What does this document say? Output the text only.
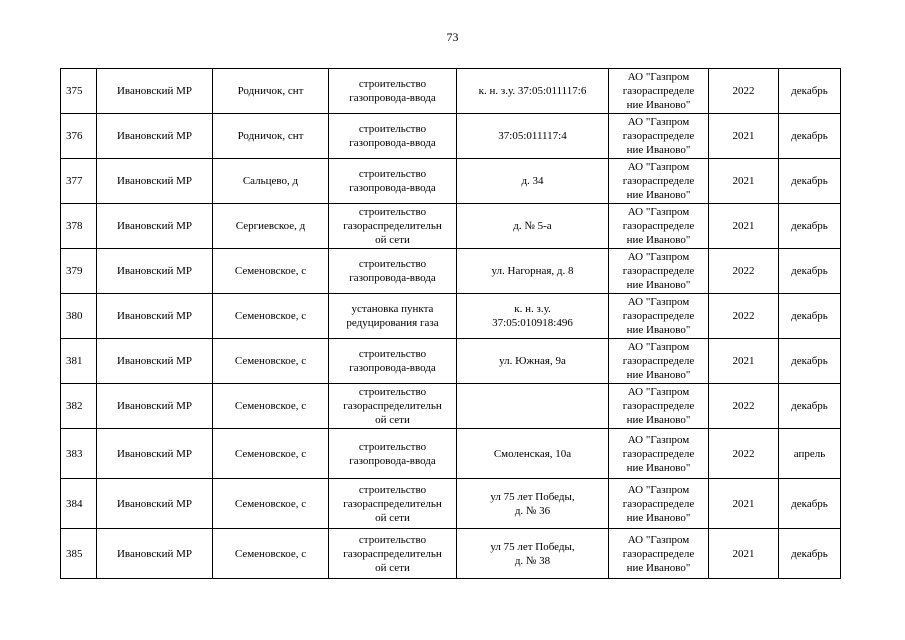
73
375	Ивановский МР	Родничок, снт	строительство
газопровода-ввода	к. н. з.у. 37:05:011117:6	АО "Газпром
газораспределе
ние Иваново"	2022	декабрь

376	Ивановский МР	Родничок, снт	строительство
газопровода-ввода	37:05:011117:4	АО "Газпром
газораспределе
ние Иваново"	2021	декабрь

377	Ивановский МР	Сальцево, д	строительство
газопровода-ввода	д. 34	АО "Газпром
газораспределе
ние Иваново"	2021	декабрь

378	Ивановский МР	Сергиевское, д	строительство
газораспределительн
ой сети	д. № 5-а	АО "Газпром
газораспределе
ние Иваново"	2021	декабрь

379	Ивановский МР	Семеновское, с	строительство
газопровода-ввода	ул. Нагорная, д. 8	АО "Газпром
газораспределе
ние Иваново"	2022	декабрь

380	Ивановский МР	Семеновское, с	установка пункта
редуцирования газа	к. н. з.у.
37:05:010918:496	АО "Газпром
газораспределе
ние Иваново"	2022	декабрь

381	Ивановский МР	Семеновское, с	строительство
газопровода-ввода	ул. Южная, 9а	АО "Газпром
газораспределе
ние Иваново"	2021	декабрь

382	Ивановский МР	Семеновское, с	строительство
газораспределительн
ой сети		АО "Газпром
газораспределе
ние Иваново"	2022	декабрь

383	Ивановский МР	Семеновское, с	строительство
газопровода-ввода	Смоленская, 10а	АО "Газпром
газораспределе
ние Иваново"	2022	апрель

384	Ивановский МР	Семеновское, с	строительство
газораспределительн
ой сети	ул 75 лет Победы,
д. № 36	АО "Газпром
газораспределе
ние Иваново"	2021	декабрь

385	Ивановский МР	Семеновское, с	строительство
газораспределительн
ой сети	ул 75 лет Победы,
д. № 38	АО "Газпром
газораспределе
ние Иваново"	2021	декабрь
